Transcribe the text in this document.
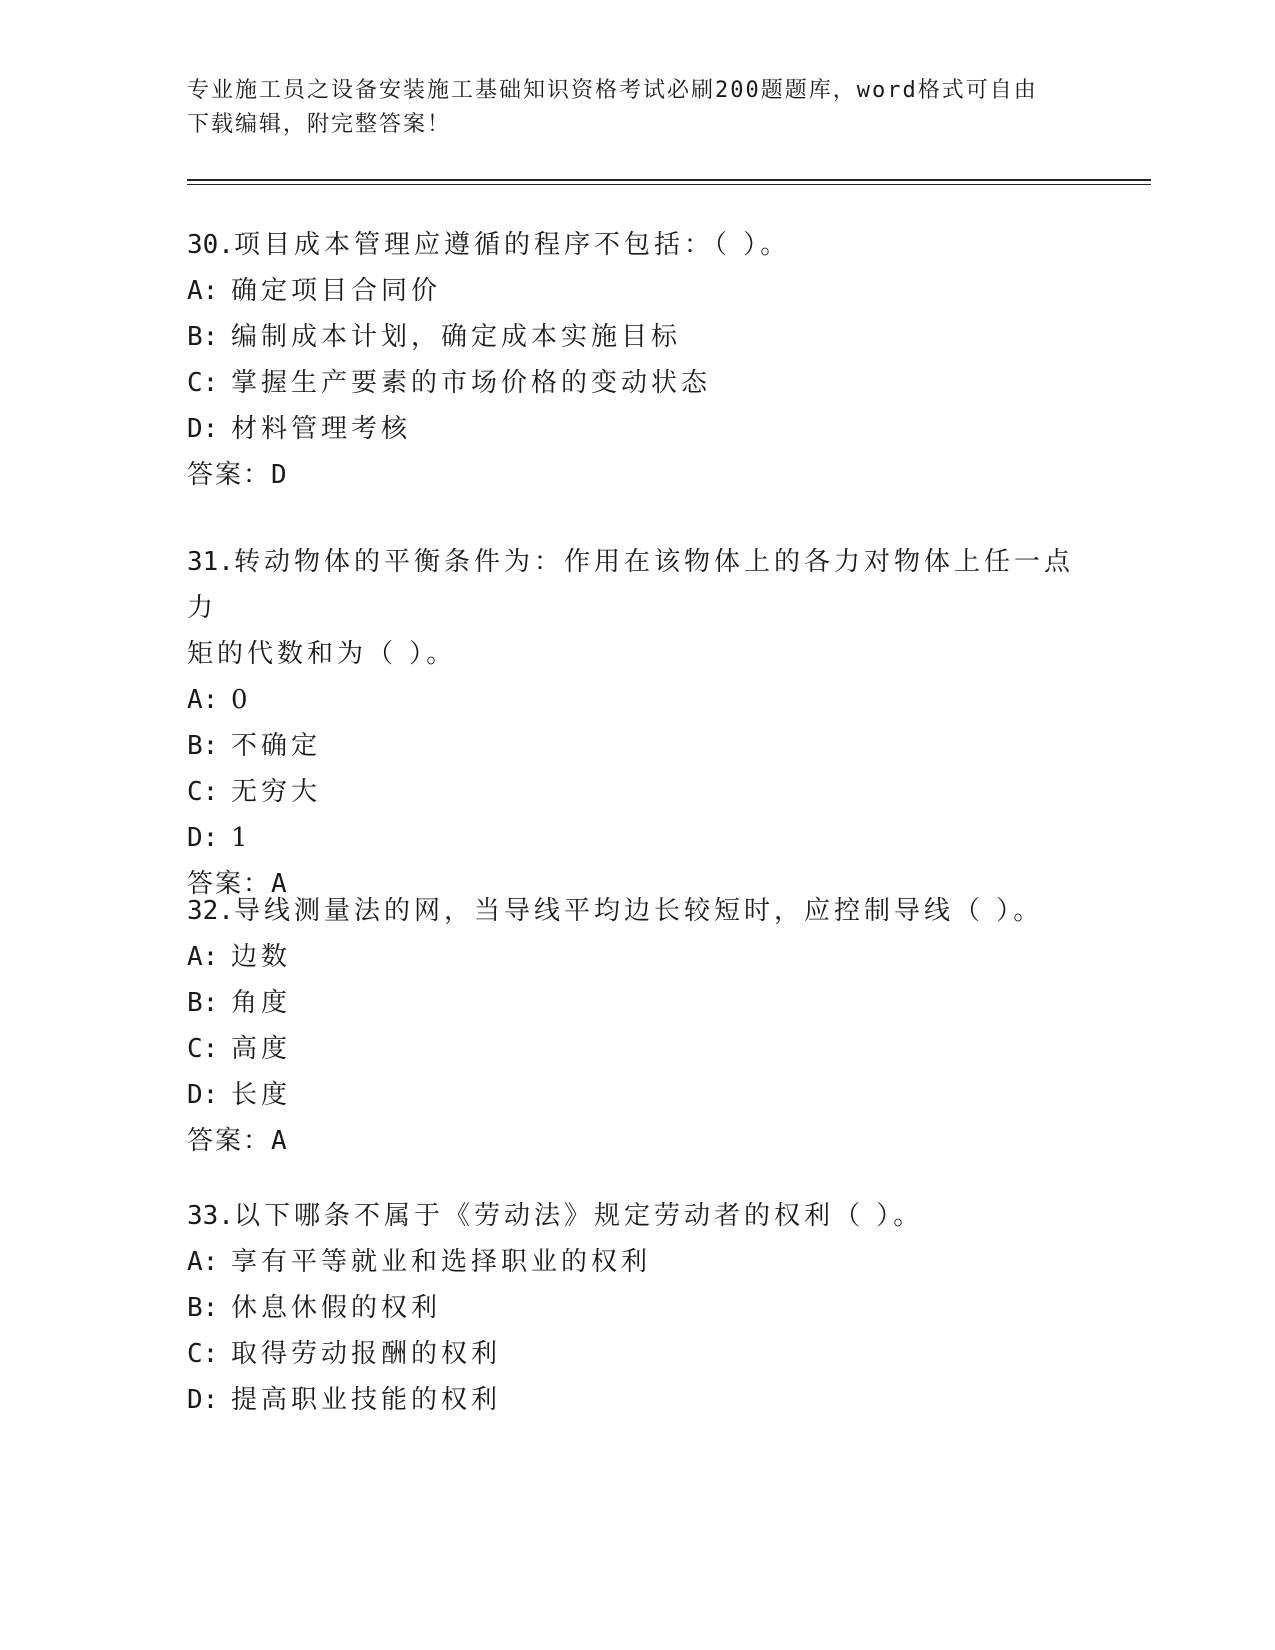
专业施工员之设备安装施工基础知识资格考试必刷200题题库，word格式可自由
下载编辑，附完整答案！
30.项目成本管理应遵循的程序不包括：（ ）。
A: 确定项目合同价
B: 编制成本计划，确定成本实施目标
C: 掌握生产要素的市场价格的变动状态
D: 材料管理考核
答案：D
31.转动物体的平衡条件为：作用在该物体上的各力对物体上任一点力
矩的代数和为（ ）。
A: 0
B: 不确定
C: 无穷大
D: 1
答案：A
32.导线测量法的网，当导线平均边长较短时，应控制导线（ ）。
A: 边数
B: 角度
C: 高度
D: 长度
答案：A
33.以下哪条不属于《劳动法》规定劳动者的权利（ ）。
A: 享有平等就业和选择职业的权利
B: 休息休假的权利
C: 取得劳动报酬的权利
D: 提高职业技能的权利
